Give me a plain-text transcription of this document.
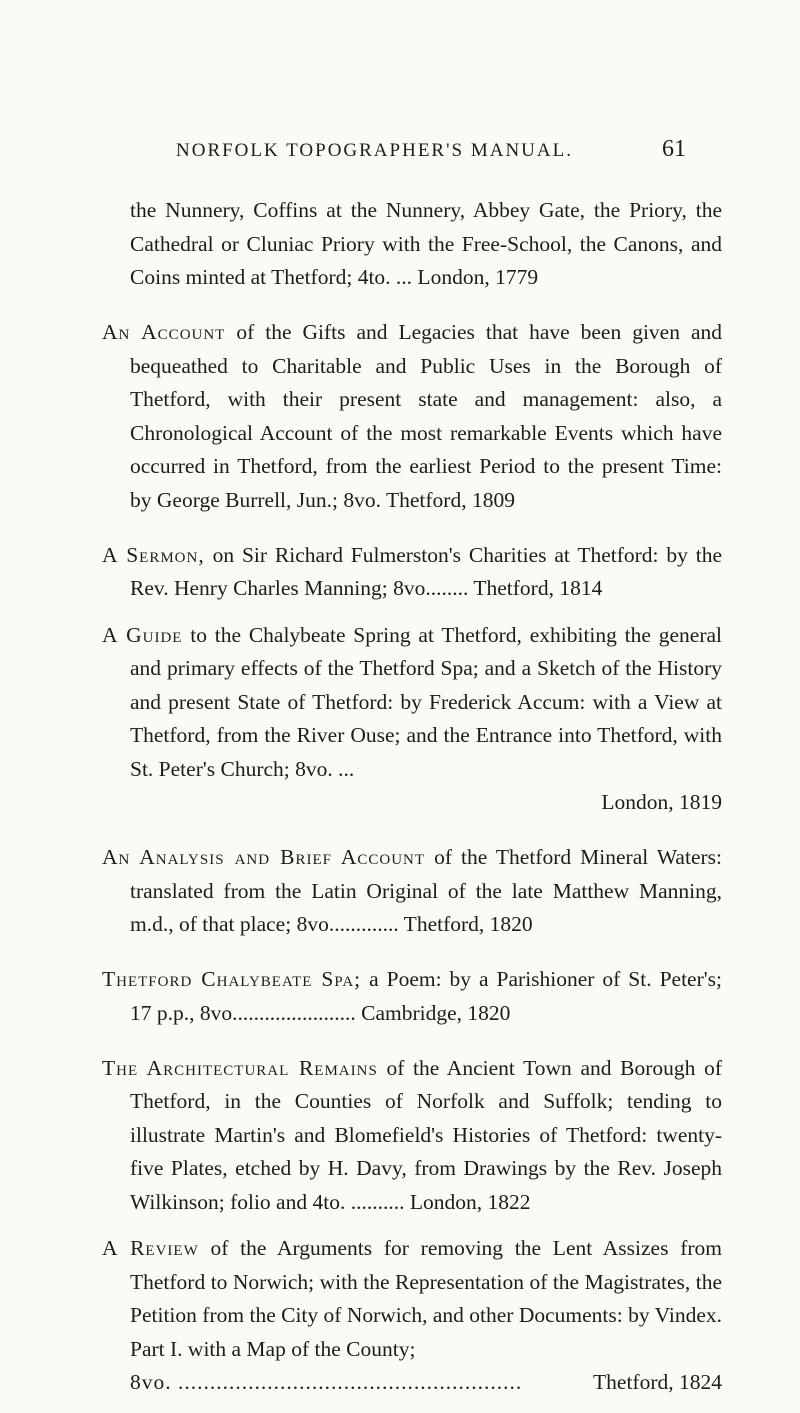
NORFOLK TOPOGRAPHER'S MANUAL.	61

the Nunnery, Coffins at the Nunnery, Abbey Gate, the Priory, the Cathedral or Cluniac Priory with the Free-School, the Canons, and Coins minted at Thetford; 4to. ... London, 1779

An Account of the Gifts and Legacies that have been given and bequeathed to Charitable and Public Uses in the Borough of Thetford, with their present state and management: also, a Chronological Account of the most remarkable Events which have occurred in Thetford, from the earliest Period to the present Time: by George Burrell, Jun.; 8vo. Thetford, 1809

A Sermon, on Sir Richard Fulmerston's Charities at Thetford: by the Rev. Henry Charles Manning; 8vo........ Thetford, 1814

A Guide to the Chalybeate Spring at Thetford, exhibiting the general and primary effects of the Thetford Spa; and a Sketch of the History and present State of Thetford: by Frederick Accum: with a View at Thetford, from the River Ouse; and the Entrance into Thetford, with St. Peter's Church; 8vo. ...
London, 1819

An Analysis and Brief Account of the Thetford Mineral Waters: translated from the Latin Original of the late Matthew Manning, m.d., of that place; 8vo............. Thetford, 1820

Thetford Chalybeate Spa; a Poem: by a Parishioner of St. Peter's; 17 p.p., 8vo....................... Cambridge, 1820

The Architectural Remains of the Ancient Town and Borough of Thetford, in the Counties of Norfolk and Suffolk; tending to illustrate Martin's and Blomefield's Histories of Thetford: twenty-five Plates, etched by H. Davy, from Drawings by the Rev. Joseph Wilkinson; folio and 4to. .......... London, 1822

A Review of the Arguments for removing the Lent Assizes from Thetford to Norwich; with the Representation of the Magistrates, the Petition from the City of Norwich, and other Documents: by Vindex. Part I. with a Map of the County;
8vo. ......................................................	Thetford, 1824
